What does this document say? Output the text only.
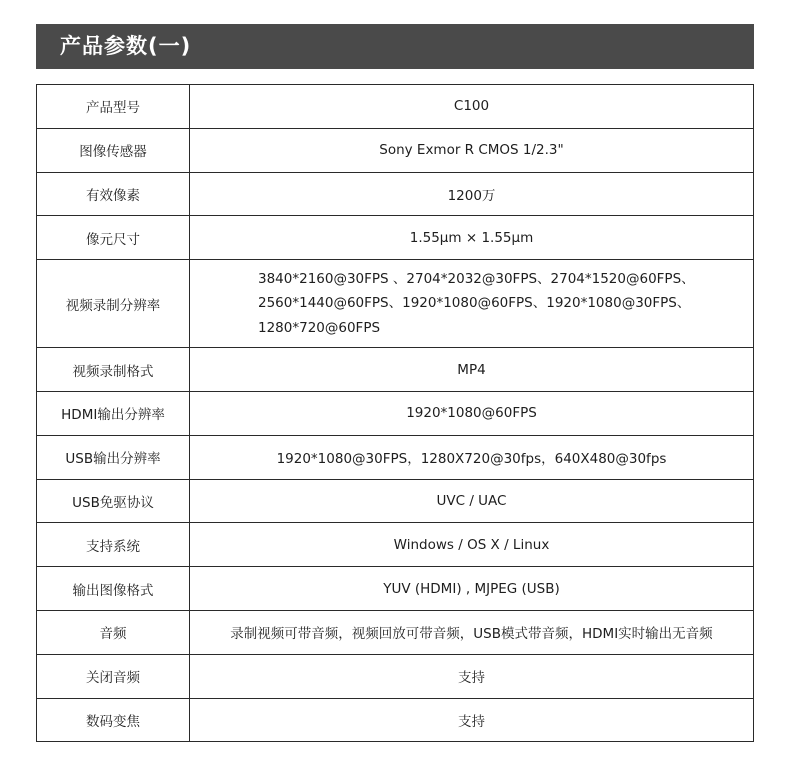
产品参数(一)
产品型号	C100
图像传感器	Sony Exmor R CMOS 1/2.3"
有效像素	1200万
像元尺寸	1.55µm × 1.55µm
视频录制分辨率	3840*2160@30FPS 、2704*2032@30FPS、2704*1520@60FPS、
2560*1440@60FPS、1920*1080@60FPS、1920*1080@30FPS、
1280*720@60FPS

视频录制格式	MP4
HDMI输出分辨率	1920*1080@60FPS
USB输出分辨率	1920*1080@30FPS，1280X720@30fps，640X480@30fps
USB免驱协议	UVC / UAC
支持系统	Windows / OS X / Linux
输出图像格式	YUV (HDMI) , MJPEG (USB)
音频	录制视频可带音频，视频回放可带音频，USB模式带音频，HDMI实时输出无音频
关闭音频	支持
数码变焦	支持
